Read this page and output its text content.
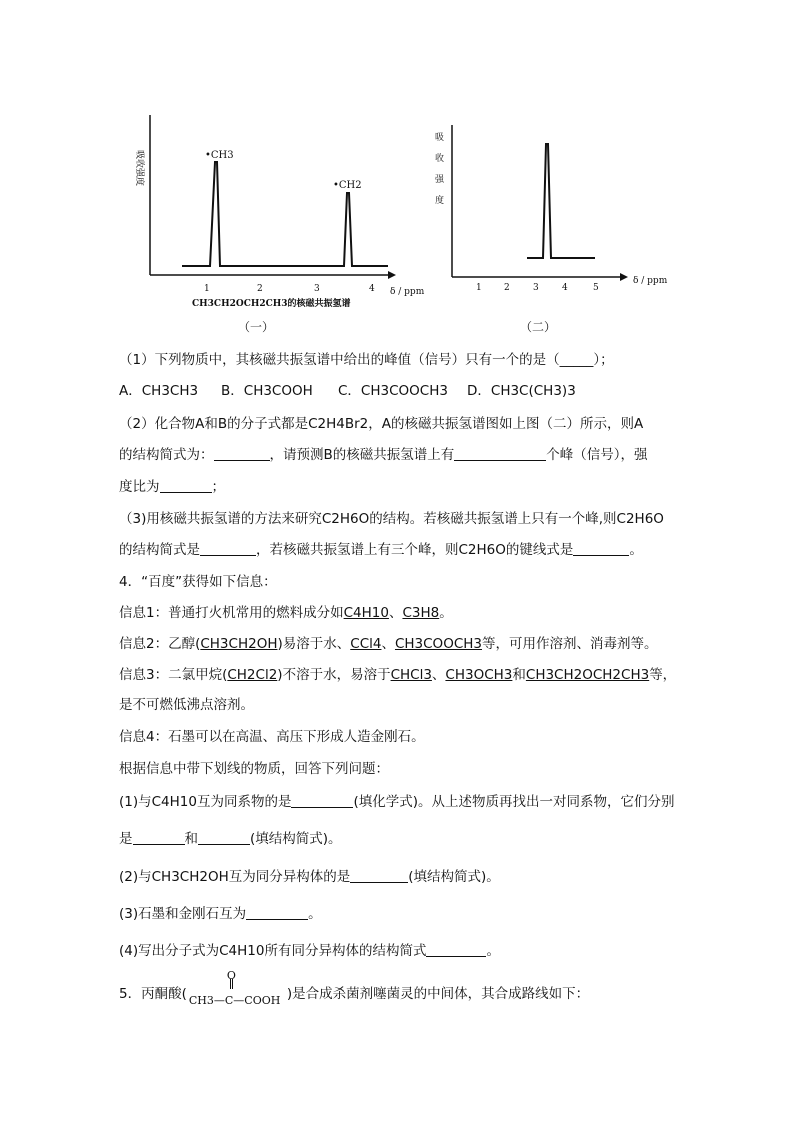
吸收强度	•CH3
•CH2
1	2	3	4 δ / ppm
CH3CH2OCH2CH3的核磁共振氢谱
（一）
吸
收
强
度
1 2	3	4	5
δ / ppm
（二）
（1）下列物质中，其核磁共振氢谱中给出的峰值（信号）只有一个的是（_____）；
A．CH3CH3 B．CH3COOH C．CH3COOCH3 D．CH3C(CH3)3
（2）化合物A和B的分子式都是C2H4Br2，A的核磁共振氢谱图如上图（二）所示，则A
的结构简式为：	，请预测B的核磁共振氢谱上有	个峰（信号），强
度比为	；
（3)用核磁共振氢谱的方法来研究C2H6O的结构。若核磁共振氢谱上只有一个峰,则C2H6O
的结构简式是	，若核磁共振氢谱上有三个峰，则C2H6O的键线式是	。
4．“百度”获得如下信息：
信息1：普通打火机常用的燃料成分如C4H10、C3H8。
信息2：乙醇(CH3CH2OH)易溶于水、CCl4、CH3COOCH3等，可用作溶剂、消毒剂等。
信息3：二氯甲烷(CH2Cl2)不溶于水，易溶于CHCl3、CH3OCH3和CH3CH2OCH2CH3等，
是不可燃低沸点溶剂。
信息4：石墨可以在高温、高压下形成人造金刚石。
根据信息中带下划线的物质，回答下列问题：
(1)与C4H10互为同系物的是	(填化学式)。从上述物质再找出一对同系物，它们分别
是	和	(填结构简式)。
(2)与CH3CH2OH互为同分异构体的是	(填结构简式)。
(3)石墨和金刚石互为	。
(4)写出分子式为C4H10所有同分异构体的结构简式	。
5．丙酮酸(
O
CH3—C—COOH )是合成杀菌剂噻菌灵的中间体，其合成路线如下：
